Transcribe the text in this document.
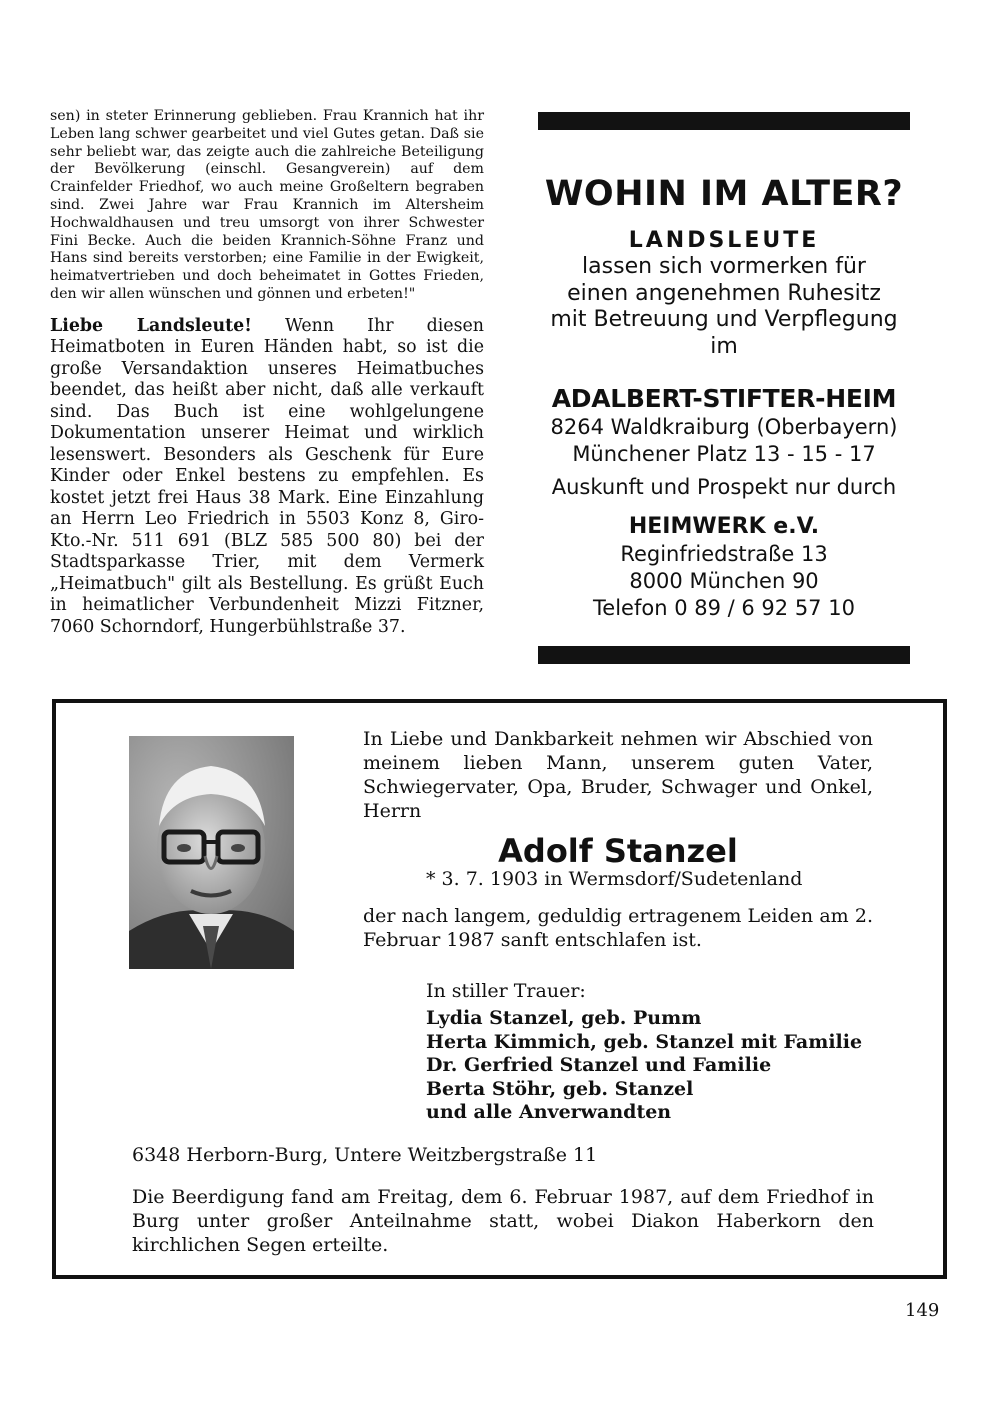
sen) in steter Erinnerung geblieben. Frau Krannich hat ihr Leben lang schwer gearbeitet und viel Gutes getan. Daß sie sehr beliebt war, das zeigte auch die zahlreiche Beteiligung der Bevölkerung (einschl. Gesangverein) auf dem Crainfelder Friedhof, wo auch meine Großeltern begraben sind. Zwei Jahre war Frau Krannich im Altersheim Hochwaldhausen und treu umsorgt von ihrer Schwester Fini Becke. Auch die beiden Krannich-Söhne Franz und Hans sind bereits verstorben; eine Familie in der Ewigkeit, heimatvertrieben und doch beheimatet in Gottes Frieden, den wir allen wünschen und gönnen und erbeten!"

Liebe Landsleute! Wenn Ihr diesen Heimatboten in Euren Händen habt, so ist die große Versandaktion unseres Heimatbuches beendet, das heißt aber nicht, daß alle verkauft sind. Das Buch ist eine wohlgelungene Dokumentation unserer Heimat und wirklich lesenswert. Besonders als Geschenk für Eure Kinder oder Enkel bestens zu empfehlen. Es kostet jetzt frei Haus 38 Mark. Eine Einzahlung an Herrn Leo Friedrich in 5503 Konz 8, Giro-Kto.-Nr. 511 691 (BLZ 585 500 80) bei der Stadtsparkasse Trier, mit dem Vermerk „Heimatbuch" gilt als Bestellung. Es grüßt Euch in heimatlicher Verbundenheit Mizzi Fitzner, 7060 Schorndorf, Hungerbühlstraße 37.

WOHIN IM ALTER?
LANDSLEUTE
lassen sich vormerken für
einen angenehmen Ruhesitz
mit Betreuung und Verpflegung
im
ADALBERT-STIFTER-HEIM
8264 Waldkraiburg (Oberbayern)
Münchener Platz 13 - 15 - 17
Auskunft und Prospekt nur durch
HEIMWERK e.V.
Reginfriedstraße 13
8000 München 90
Telefon 0 89 / 6 92 57 10
In Liebe und Dankbarkeit nehmen wir Abschied von meinem lieben Mann, unserem guten Vater, Schwiegervater, Opa, Bruder, Schwager und Onkel, Herrn
Adolf Stanzel
* 3. 7. 1903 in Wermsdorf/Sudetenland
der nach langem, geduldig ertragenem Leiden am 2. Februar 1987 sanft entschlafen ist.
In stiller Trauer:
Lydia Stanzel, geb. Pumm
Herta Kimmich, geb. Stanzel mit Familie
Dr. Gerfried Stanzel und Familie
Berta Stöhr, geb. Stanzel
und alle Anverwandten
6348 Herborn-Burg, Untere Weitzbergstraße 11
Die Beerdigung fand am Freitag, dem 6. Februar 1987, auf dem Friedhof in Burg unter großer Anteilnahme statt, wobei Diakon Haberkorn den kirchlichen Segen erteilte.
149
